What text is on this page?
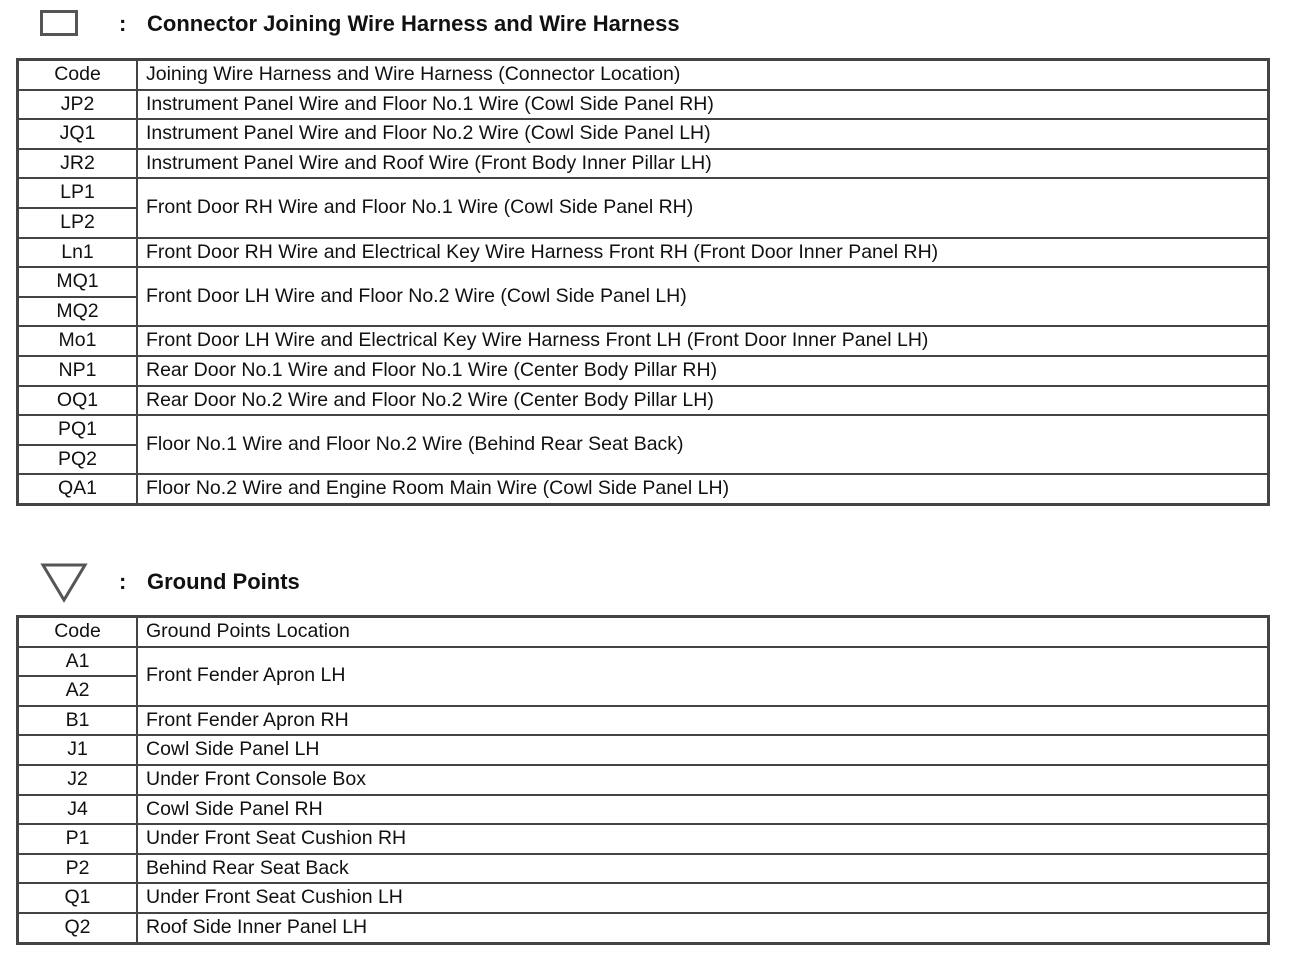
: Connector Joining Wire Harness and Wire Harness
Code	Joining Wire Harness and Wire Harness (Connector Location)
JP2	Instrument Panel Wire and Floor No.1 Wire (Cowl Side Panel RH)
JQ1	Instrument Panel Wire and Floor No.2 Wire (Cowl Side Panel LH)
JR2	Instrument Panel Wire and Roof Wire (Front Body Inner Pillar LH)
LP1	Front Door RH Wire and Floor No.1 Wire (Cowl Side Panel RH)
LP2	
Ln1	Front Door RH Wire and Electrical Key Wire Harness Front RH (Front Door Inner Panel RH)
MQ1	Front Door LH Wire and Floor No.2 Wire (Cowl Side Panel LH)
MQ2	
Mo1	Front Door LH Wire and Electrical Key Wire Harness Front LH (Front Door Inner Panel LH)
NP1	Rear Door No.1 Wire and Floor No.1 Wire (Center Body Pillar RH)
OQ1	Rear Door No.2 Wire and Floor No.2 Wire (Center Body Pillar LH)
PQ1	Floor No.1 Wire and Floor No.2 Wire (Behind Rear Seat Back)
PQ2	
QA1	Floor No.2 Wire and Engine Room Main Wire (Cowl Side Panel LH)
: Ground Points
Code	Ground Points Location
A1	Front Fender Apron LH
A2	
B1	Front Fender Apron RH
J1	Cowl Side Panel LH
J2	Under Front Console Box
J4	Cowl Side Panel RH
P1	Under Front Seat Cushion RH
P2	Behind Rear Seat Back
Q1	Under Front Seat Cushion LH
Q2	Roof Side Inner Panel LH
